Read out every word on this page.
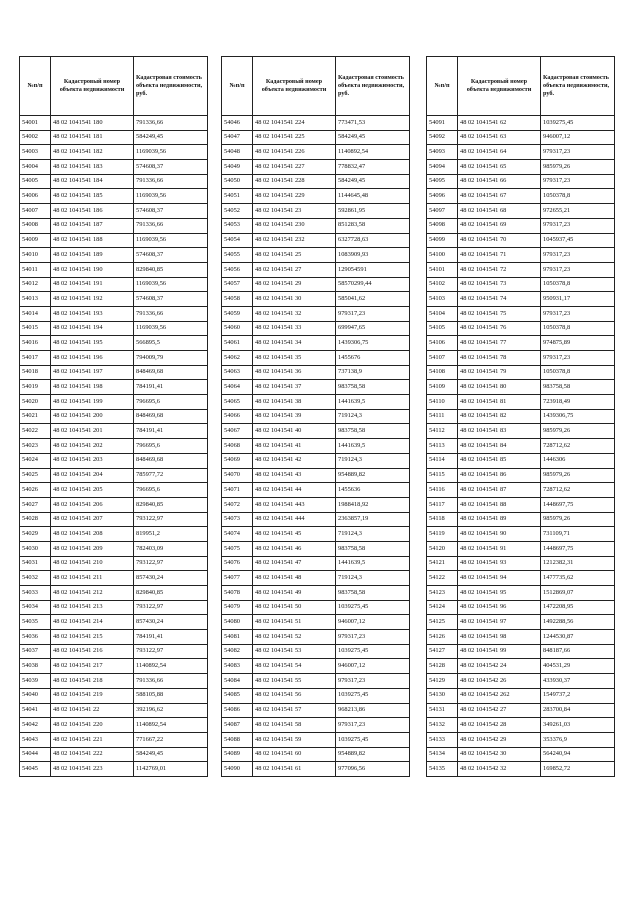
№п/п	Кадастровый номер объекта недвижимости	Кадастровая стоимость объекта недвижимости, руб.
54001	48 02 1041541 180	791336,66
54002	48 02 1041541 181	584249,45
54003	48 02 1041541 182	1169039,56
54004	48 02 1041541 183	574608,37
54005	48 02 1041541 184	791336,66
54006	48 02 1041541 185	1169039,56
54007	48 02 1041541 186	574608,37
54008	48 02 1041541 187	791336,66
54009	48 02 1041541 188	1169039,56
54010	48 02 1041541 189	574608,37
54011	48 02 1041541 190	829840,85
54012	48 02 1041541 191	1169039,56
54013	48 02 1041541 192	574608,37
54014	48 02 1041541 193	791336,66
54015	48 02 1041541 194	1169039,56
54016	48 02 1041541 195	566895,5
54017	48 02 1041541 196	794009,79
54018	48 02 1041541 197	848469,68
54019	48 02 1041541 198	784191,41
54020	48 02 1041541 199	796695,6
54021	48 02 1041541 200	848469,68
54022	48 02 1041541 201	784191,41
54023	48 02 1041541 202	796695,6
54024	48 02 1041541 203	848469,68
54025	48 02 1041541 204	785977,72
54026	48 02 1041541 205	796695,6
54027	48 02 1041541 206	829840,85
54028	48 02 1041541 207	793122,97
54029	48 02 1041541 208	819951,2
54030	48 02 1041541 209	782403,09
54031	48 02 1041541 210	793122,97
54032	48 02 1041541 211	857430,24
54033	48 02 1041541 212	829840,85
54034	48 02 1041541 213	793122,97
54035	48 02 1041541 214	857430,24
54036	48 02 1041541 215	784191,41
54037	48 02 1041541 216	793122,97
54038	48 02 1041541 217	1140892,54
54039	48 02 1041541 218	791336,66
54040	48 02 1041541 219	588105,88
54041	48 02 1041541 22	392196,62
54042	48 02 1041541 220	1140892,54
54043	48 02 1041541 221	771667,22
54044	48 02 1041541 222	584249,45
54045	48 02 1041541 223	1142769,01
№п/п	Кадастровый номер объекта недвижимости	Кадастровая стоимость объекта недвижимости, руб.
54046	48 02 1041541 224	773471,53
54047	48 02 1041541 225	584249,45
54048	48 02 1041541 226	1140892,54
54049	48 02 1041541 227	778832,47
54050	48 02 1041541 228	584249,45
54051	48 02 1041541 229	1144645,48
54052	48 02 1041541 23	592861,95
54053	48 02 1041541 230	851283,58
54054	48 02 1041541 232	6327728,63
54055	48 02 1041541 25	1083909,93
54056	48 02 1041541 27	129054591
54057	48 02 1041541 29	58570299,44
54058	48 02 1041541 30	585041,62
54059	48 02 1041541 32	979317,23
54060	48 02 1041541 33	699947,65
54061	48 02 1041541 34	1439306,75
54062	48 02 1041541 35	1455676
54063	48 02 1041541 36	737138,9
54064	48 02 1041541 37	983758,58
54065	48 02 1041541 38	1441639,5
54066	48 02 1041541 39	719124,3
54067	48 02 1041541 40	983758,58
54068	48 02 1041541 41	1441639,5
54069	48 02 1041541 42	719124,3
54070	48 02 1041541 43	954889,82
54071	48 02 1041541 44	1455636
54072	48 02 1041541 443	1988418,92
54073	48 02 1041541 444	2363857,19
54074	48 02 1041541 45	719124,3
54075	48 02 1041541 46	983758,58
54076	48 02 1041541 47	1441639,5
54077	48 02 1041541 48	719124,3
54078	48 02 1041541 49	983758,58
54079	48 02 1041541 50	1039275,45
54080	48 02 1041541 51	946007,12
54081	48 02 1041541 52	979317,23
54082	48 02 1041541 53	1039275,45
54083	48 02 1041541 54	946007,12
54084	48 02 1041541 55	979317,23
54085	48 02 1041541 56	1039275,45
54086	48 02 1041541 57	968213,86
54087	48 02 1041541 58	979317,23
54088	48 02 1041541 59	1039275,45
54089	48 02 1041541 60	954889,82
54090	48 02 1041541 61	977096,56
№п/п	Кадастровый номер объекта недвижимости	Кадастровая стоимость объекта недвижимости, руб.
54091	48 02 1041541 62	1039275,45
54092	48 02 1041541 63	946007,12
54093	48 02 1041541 64	979317,23
54094	48 02 1041541 65	985979,26
54095	48 02 1041541 66	979317,23
54096	48 02 1041541 67	1050378,8
54097	48 02 1041541 68	972655,21
54098	48 02 1041541 69	979317,23
54099	48 02 1041541 70	1045937,45
54100	48 02 1041541 71	979317,23
54101	48 02 1041541 72	979317,23
54102	48 02 1041541 73	1050378,8
54103	48 02 1041541 74	950931,17
54104	48 02 1041541 75	979317,23
54105	48 02 1041541 76	1050378,8
54106	48 02 1041541 77	974875,89
54107	48 02 1041541 78	979317,23
54108	48 02 1041541 79	1050378,8
54109	48 02 1041541 80	983758,58
54110	48 02 1041541 81	723918,49
54111	48 02 1041541 82	1439306,75
54112	48 02 1041541 83	985979,26
54113	48 02 1041541 84	728712,62
54114	48 02 1041541 85	1446306
54115	48 02 1041541 86	985979,26
54116	48 02 1041541 87	728712,62
54117	48 02 1041541 88	1448697,75
54118	48 02 1041541 89	985979,26
54119	48 02 1041541 90	731109,71
54120	48 02 1041541 91	1448697,75
54121	48 02 1041541 93	1212382,31
54122	48 02 1041541 94	1477735,62
54123	48 02 1041541 95	1512869,07
54124	48 02 1041541 96	1472208,95
54125	48 02 1041541 97	1492288,56
54126	48 02 1041541 98	1244530,87
54127	48 02 1041541 99	848187,66
54128	48 02 1041542 24	404531,29
54129	48 02 1041542 26	433930,37
54130	48 02 1041542 262	1549737,2
54131	48 02 1041542 27	283700,84
54132	48 02 1041542 28	349261,03
54133	48 02 1041542 29	353376,9
54134	48 02 1041542 30	564240,94
54135	48 02 1041542 32	169852,72
